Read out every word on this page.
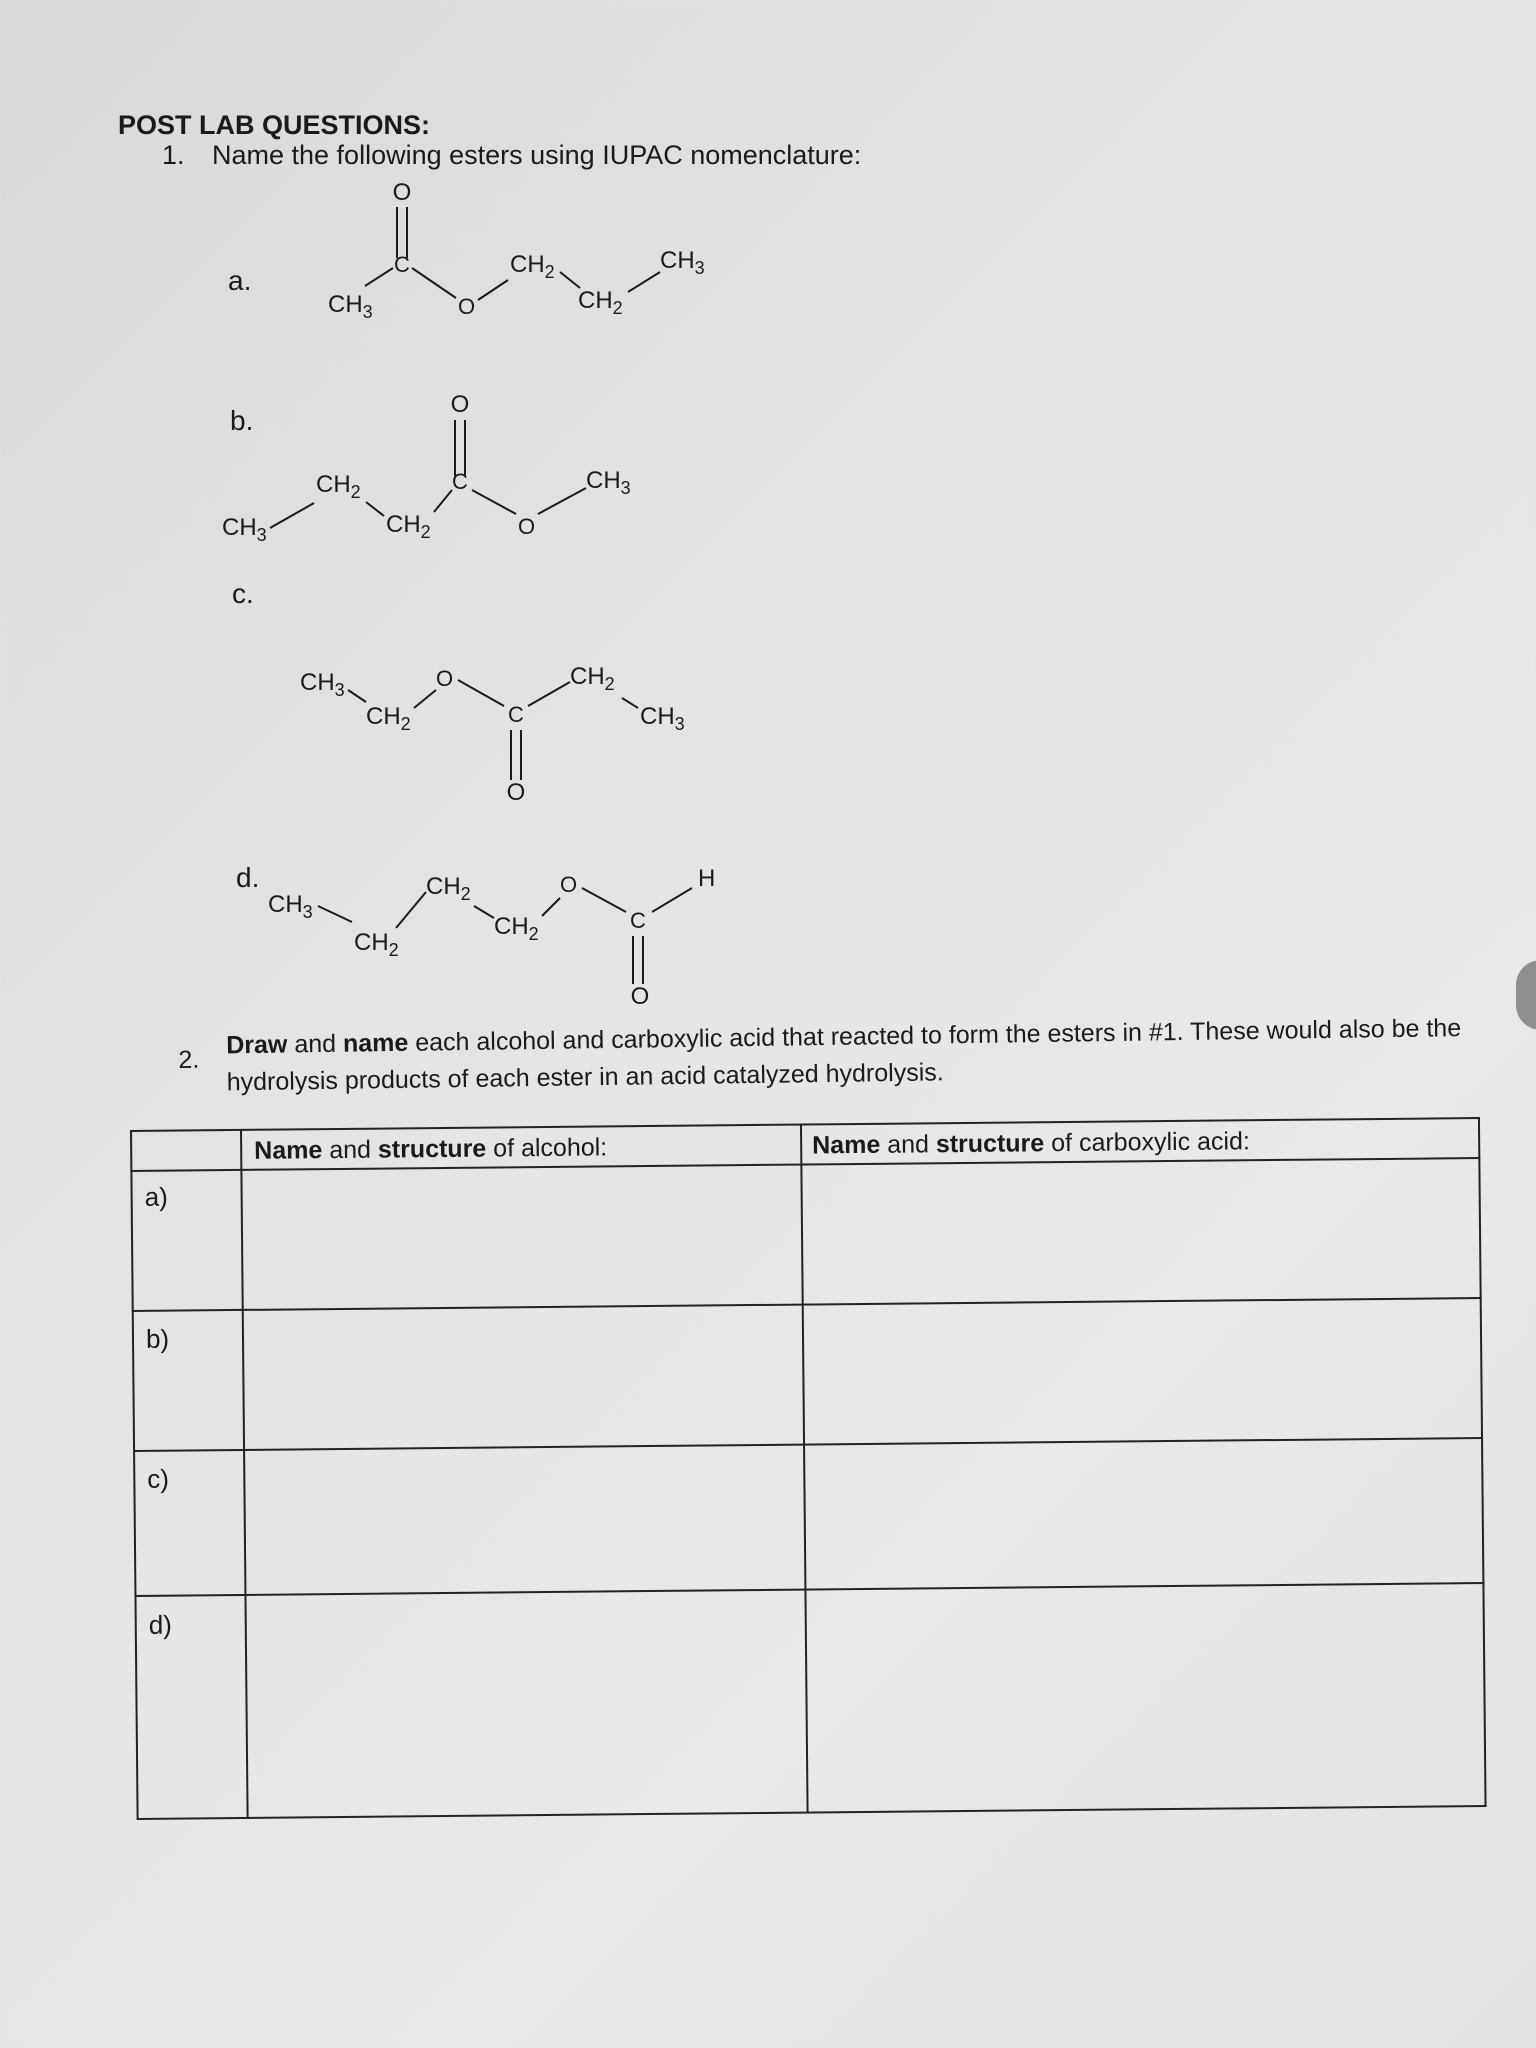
POST LAB QUESTIONS:
1. Name the following esters using IUPAC nomenclature:
a.
O
C
$CH_3$	O
$CH_2$
$CH_2$
$CH_3$
b.
O
C
$CH_3$
$CH_2$
$CH_2$	O
$CH_3$
c.
$CH_3$
$CH_2$
O
C
O
$CH_2$
$CH_3$
d.
$CH_3$
$CH_2$
$CH_2$
$CH_2$
O
C
O
H
2.
Draw and name each alcohol and carboxylic acid that reacted to form the esters in #1. These would also be the hydrolysis products of each ester in an acid catalyzed hydrolysis.
Name and structure of alcohol:	Name and structure of carboxylic acid:
a)
b)
c)
d)
